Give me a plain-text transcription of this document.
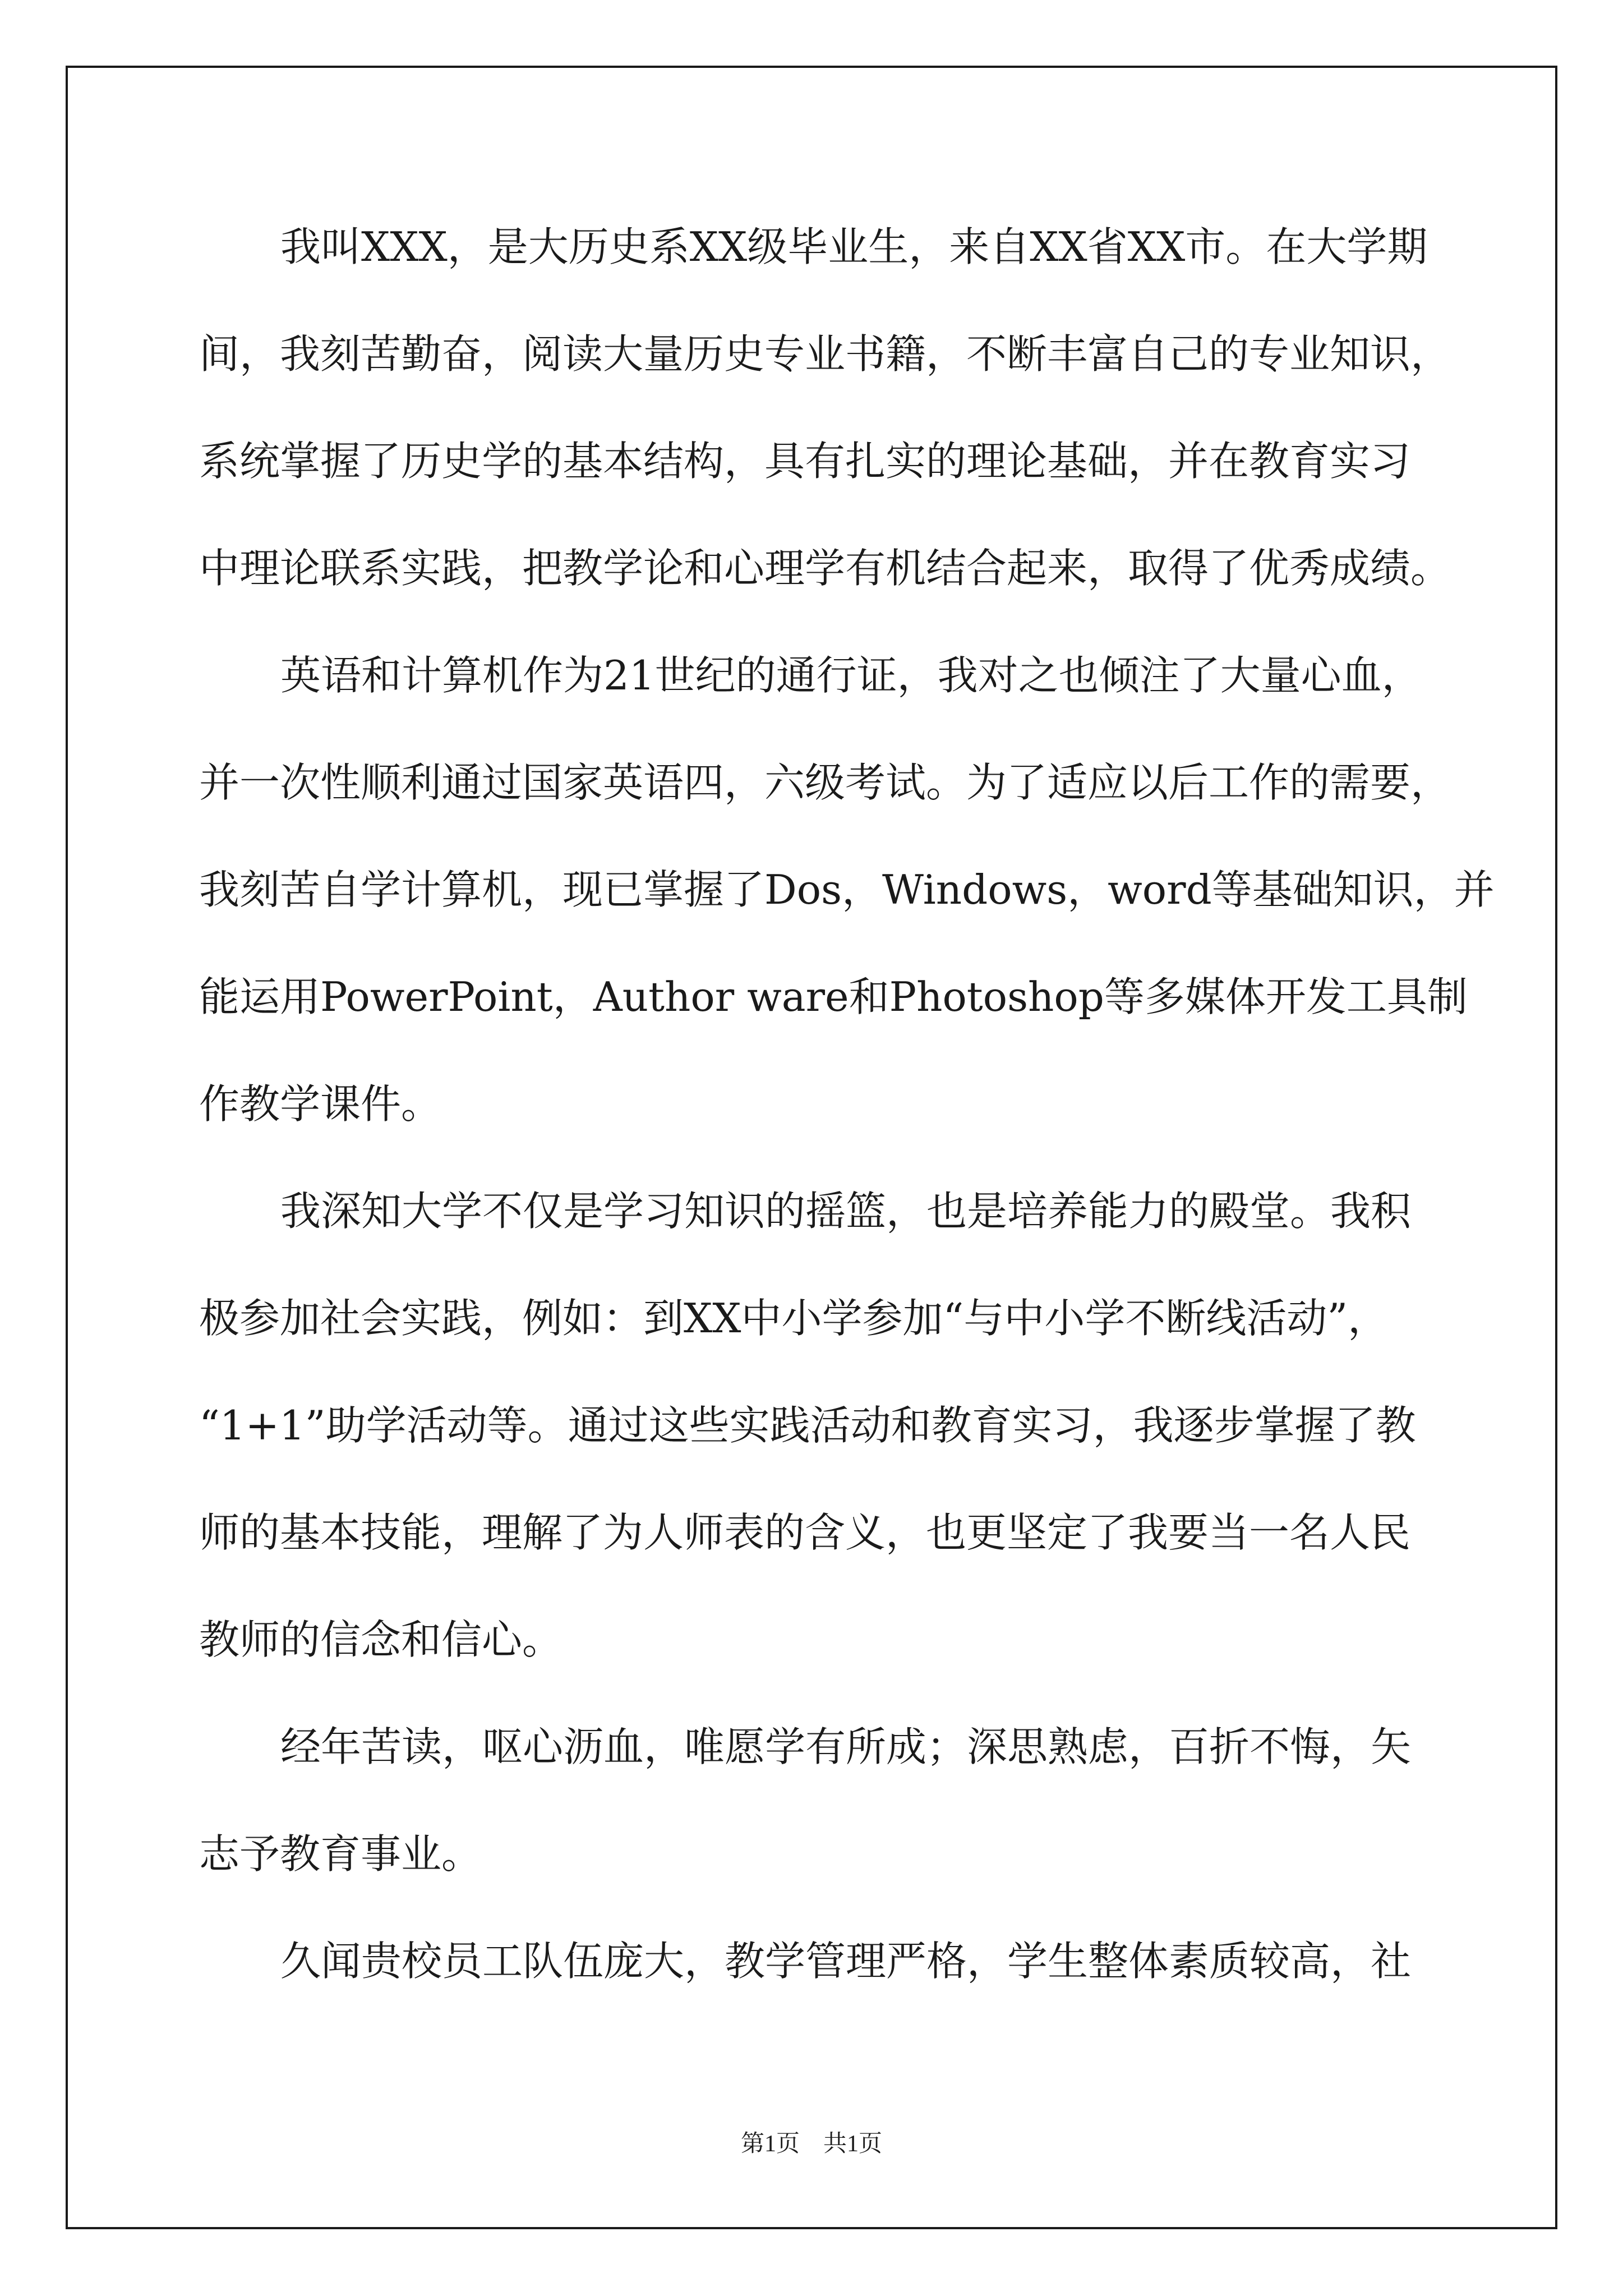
我叫XXX，是大历史系XX级毕业生，来自XX省XX市。在大学期
间，我刻苦勤奋，阅读大量历史专业书籍，不断丰富自己的专业知识，
系统掌握了历史学的基本结构，具有扎实的理论基础，并在教育实习
中理论联系实践，把教学论和心理学有机结合起来，取得了优秀成绩。
英语和计算机作为21世纪的通行证，我对之也倾注了大量心血，
并一次性顺利通过国家英语四，六级考试。为了适应以后工作的需要，
我刻苦自学计算机，现已掌握了Dos，Windows，word等基础知识，并
能运用PowerPoint，Author ware和Photoshop等多媒体开发工具制
作教学课件。
我深知大学不仅是学习知识的摇篮，也是培养能力的殿堂。我积
极参加社会实践，例如：到XX中小学参加“与中小学不断线活动”，
“1+1”助学活动等。通过这些实践活动和教育实习，我逐步掌握了教
师的基本技能，理解了为人师表的含义，也更坚定了我要当一名人民
教师的信念和信心。
经年苦读，呕心沥血，唯愿学有所成；深思熟虑，百折不悔，矢
志予教育事业。
久闻贵校员工队伍庞大，教学管理严格，学生整体素质较高，社
第1页　共1页
